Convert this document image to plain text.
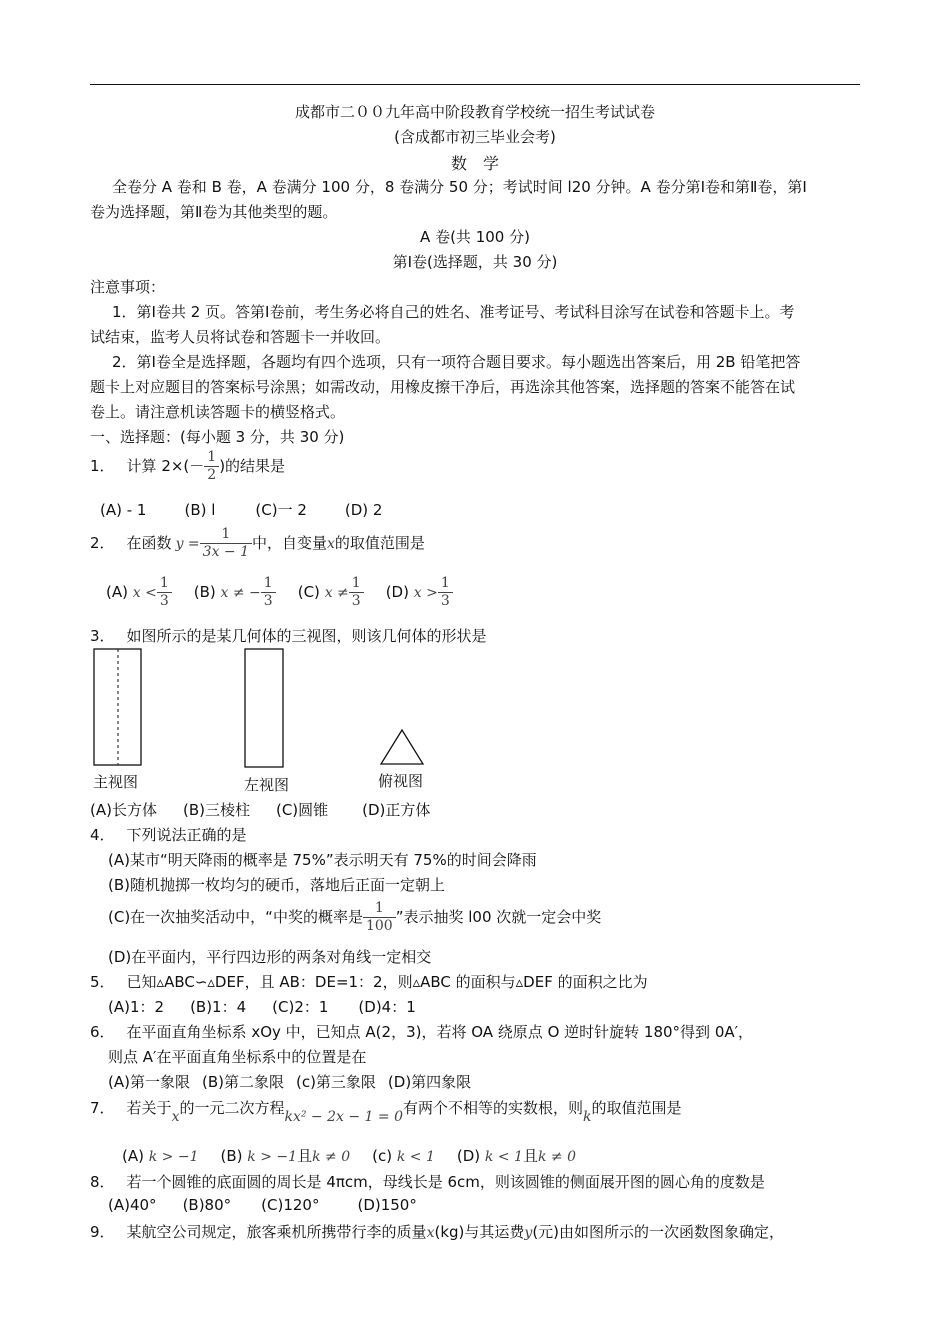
成都市二００九年高中阶段教育学校统一招生考试试卷
(含成都市初三毕业会考)
数　学
全卷分 A 卷和 B 卷，A 卷满分 100 分，8 卷满分 50 分；考试时间 l20 分钟。A 卷分第Ⅰ卷和第Ⅱ卷，第Ⅰ
卷为选择题，第Ⅱ卷为其他类型的题。
A 卷(共 100 分)
第Ⅰ卷(选择题，共 30 分)
注意事项：
1．第Ⅰ卷共 2 页。答第Ⅰ卷前，考生务必将自己的姓名、准考证号、考试科目涂写在试卷和答题卡上。考
试结束，监考人员将试卷和答题卡一并收回。
2．第Ⅰ卷全是选择题，各题均有四个选项，只有一项符合题目要求。每小题选出答案后，用 2B 铅笔把答
题卡上对应题目的答案标号涂黑；如需改动，用橡皮擦干净后，再选涂其他答案，选择题的答案不能答在试
卷上。请注意机读答题卡的横竖格式。
一、选择题：(每小题 3 分，共 30 分)
1． 计算 $2\times(- \frac{1}{2}$ )的结果是
(A) - 1	(B) l	(C)一 2	(D) 2
2． 在函数 $y = \frac{1}{3x - 1}$ 中，自变量x的取值范围是
(A) $x < \frac{1}{3} (B) x$ ≠ − $\frac{1}{3} (C) x \ne \frac{1}{3} (D) x > \frac{1}{3}$
3． 如图所示的是某几何体的三视图，则该几何体的形状是
主视图	左视图	俯视图
(A)长方体 (B)三棱柱 (C)圆锥 (D)正方体
4． 下列说法正确的是
(A)某市“明天降雨的概率是 75%”表示明天有 75%的时间会降雨
(B)随机抛掷一枚均匀的硬币，落地后正面一定朝上
(C)在一次抽奖活动中，“中奖的概率是 $\frac{1}{100}$ ”表示抽奖 l00 次就一定会中奖
(D)在平面内，平行四边形的两条对角线一定相交
5． 已知▵ABC∽▵DEF，且 AB：DE=1：2，则▵ABC 的面积与▵DEF 的面积之比为
(A)1：2 (B)1：4 (C)2：1 (D)4：1
6． 在平面直角坐标系 xOy 中，已知点 A(2，3)，若将 OA 绕原点 O 逆时针旋转 180°得到 0A′，
则点 A′在平面直角坐标系中的位置是在
(A)第一象限 (B)第二象限 (c)第三象限 (D)第四象限
7． 若关于x的一元二次方程kx² − 2x − 1 = 0有两个不相等的实数根，则k的取值范围是
(A) k > −1 (B) k > −1且k ≠ 0 (c) k < 1 (D) k < 1且k ≠ 0
8． 若一个圆锥的底面圆的周长是 4πcm，母线长是 6cm，则该圆锥的侧面展开图的圆心角的度数是
(A)40° (B)80° (C)120°	(D)150°
9． 某航空公司规定，旅客乘机所携带行李的质量x(kg)与其运费y(元)由如图所示的一次函数图象确定，
